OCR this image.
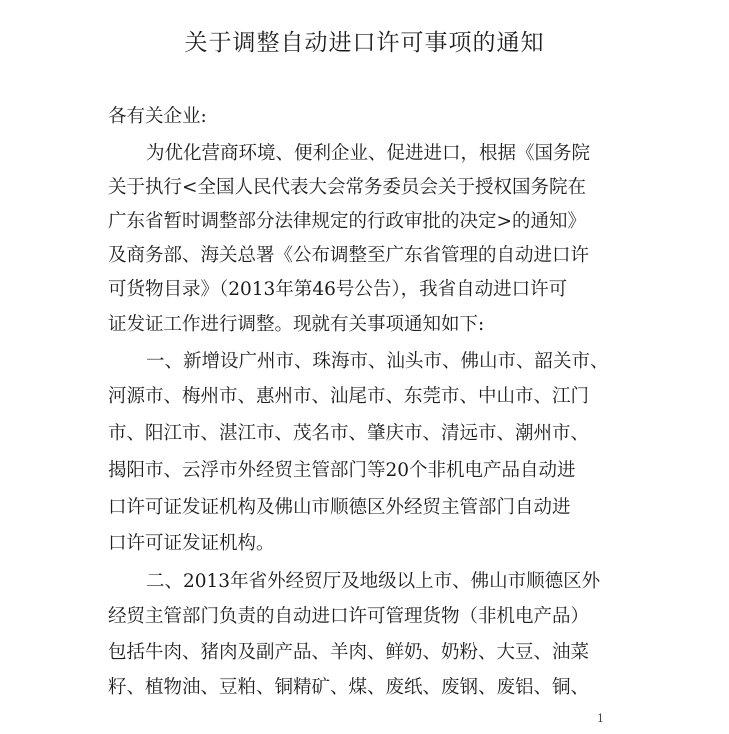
关于调整自动进口许可事项的通知
各有关企业:
为优化营商环境、便利企业、促进进口，根据《国务院
关于执行<全国人民代表大会常务委员会关于授权国务院在
广东省暂时调整部分法律规定的行政审批的决定>的通知》
及商务部、海关总署《公布调整至广东省管理的自动进口许
可货物目录》（2013年第46号公告），我省自动进口许可
证发证工作进行调整。现就有关事项通知如下:
一、新增设广州市、珠海市、汕头市、佛山市、韶关市、
河源市、梅州市、惠州市、汕尾市、东莞市、中山市、江门
市、阳江市、湛江市、茂名市、肇庆市、清远市、潮州市、
揭阳市、云浮市外经贸主管部门等20个非机电产品自动进
口许可证发证机构及佛山市顺德区外经贸主管部门自动进
口许可证发证机构。
二、2013年省外经贸厅及地级以上市、佛山市顺德区外
经贸主管部门负责的自动进口许可管理货物（非机电产品）
包括牛肉、猪肉及副产品、羊肉、鲜奶、奶粉、大豆、油菜
籽、植物油、豆粕、铜精矿、煤、废纸、废钢、废铝、铜、
1
